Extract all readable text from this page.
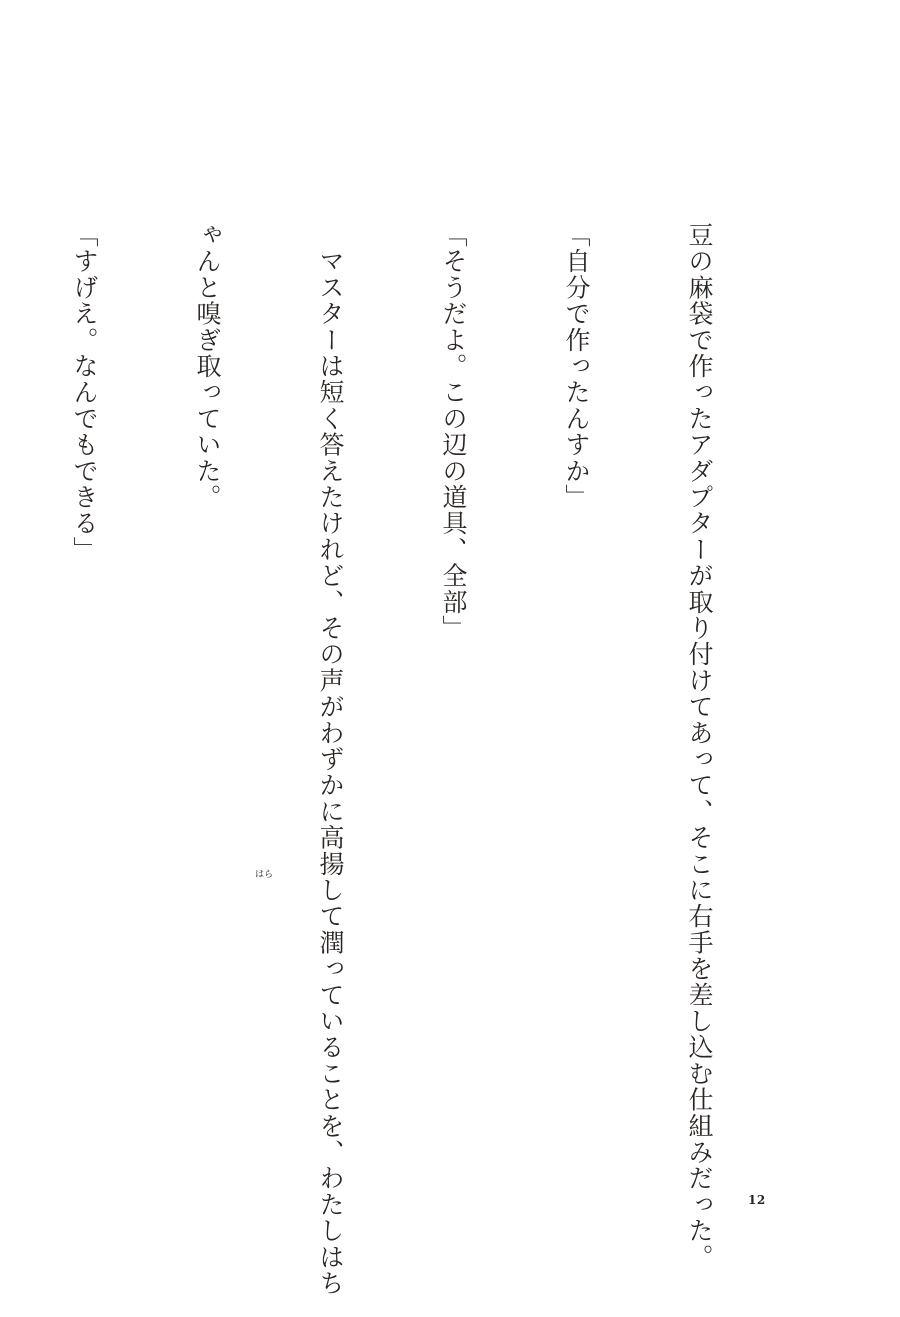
豆の麻袋で作ったアダプターが取り付けてあって、そこに右手を差し込む仕組みだった。

「自分で作ったんすか」

「そうだよ。この辺の道具、全部」

　マスターは短く答えたけれど、その声がわずかに高揚して潤っていることを、わたしはち

ゃんと嗅ぎ取っていた。

「すげえ。なんでもできる」

はら
12
